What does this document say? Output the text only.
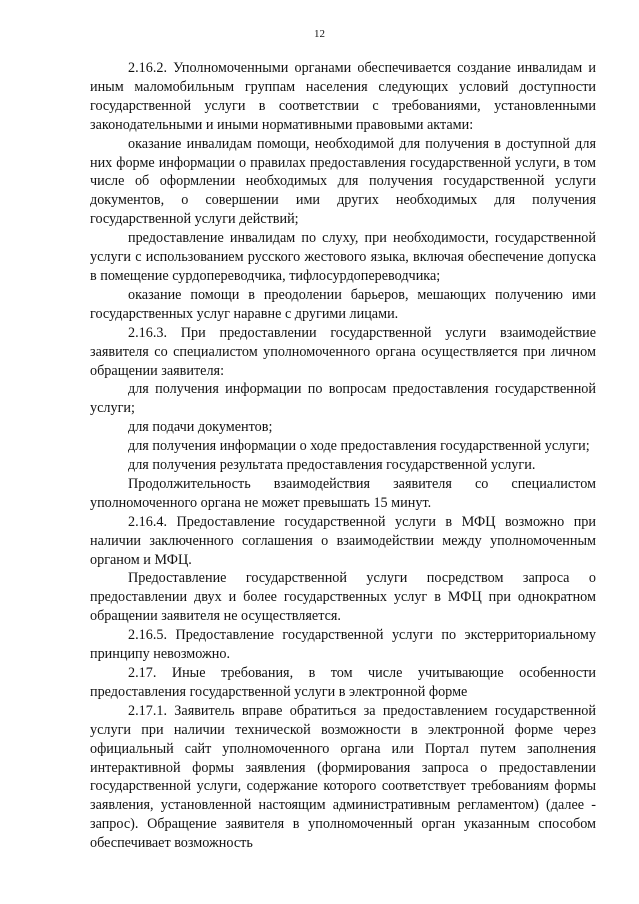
12

2.16.2. Уполномоченными органами обеспечивается создание инвалидам и иным маломобильным группам населения следующих условий доступности государственной услуги в соответствии с требованиями, установленными законодательными и иными нормативными правовыми актами:

оказание инвалидам помощи, необходимой для получения в доступной для них форме информации о правилах предоставления государственной услуги, в том числе об оформлении необходимых для получения государственной услуги документов, о совершении ими других необходимых для получения государственной услуги действий;

предоставление инвалидам по слуху, при необходимости, государственной услуги с использованием русского жестового языка, включая обеспечение допуска в помещение сурдопереводчика, тифлосурдопереводчика;

оказание помощи в преодолении барьеров, мешающих получению ими государственных услуг наравне с другими лицами.

2.16.3. При предоставлении государственной услуги взаимодействие заявителя со специалистом уполномоченного органа осуществляется при личном обращении заявителя:

для получения информации по вопросам предоставления государственной услуги;

для подачи документов;

для получения информации о ходе предоставления государственной услуги;

для получения результата предоставления государственной услуги.

Продолжительность взаимодействия заявителя со специалистом уполномоченного органа не может превышать 15 минут.

2.16.4. Предоставление государственной услуги в МФЦ возможно при наличии заключенного соглашения о взаимодействии между уполномоченным органом и МФЦ.

Предоставление государственной услуги посредством запроса о предоставлении двух и более государственных услуг в МФЦ при однократном обращении заявителя не осуществляется.

2.16.5. Предоставление государственной услуги по экстерриториальному принципу невозможно.

2.17. Иные требования, в том числе учитывающие особенности предоставления государственной услуги в электронной форме

2.17.1. Заявитель вправе обратиться за предоставлением государственной услуги при наличии технической возможности в электронной форме через официальный сайт уполномоченного органа или Портал путем заполнения интерактивной формы заявления (формирования запроса о предоставлении государственной услуги, содержание которого соответствует требованиям формы заявления, установленной настоящим административным регламентом) (далее - запрос). Обращение заявителя в уполномоченный орган указанным способом обеспечивает возможность
